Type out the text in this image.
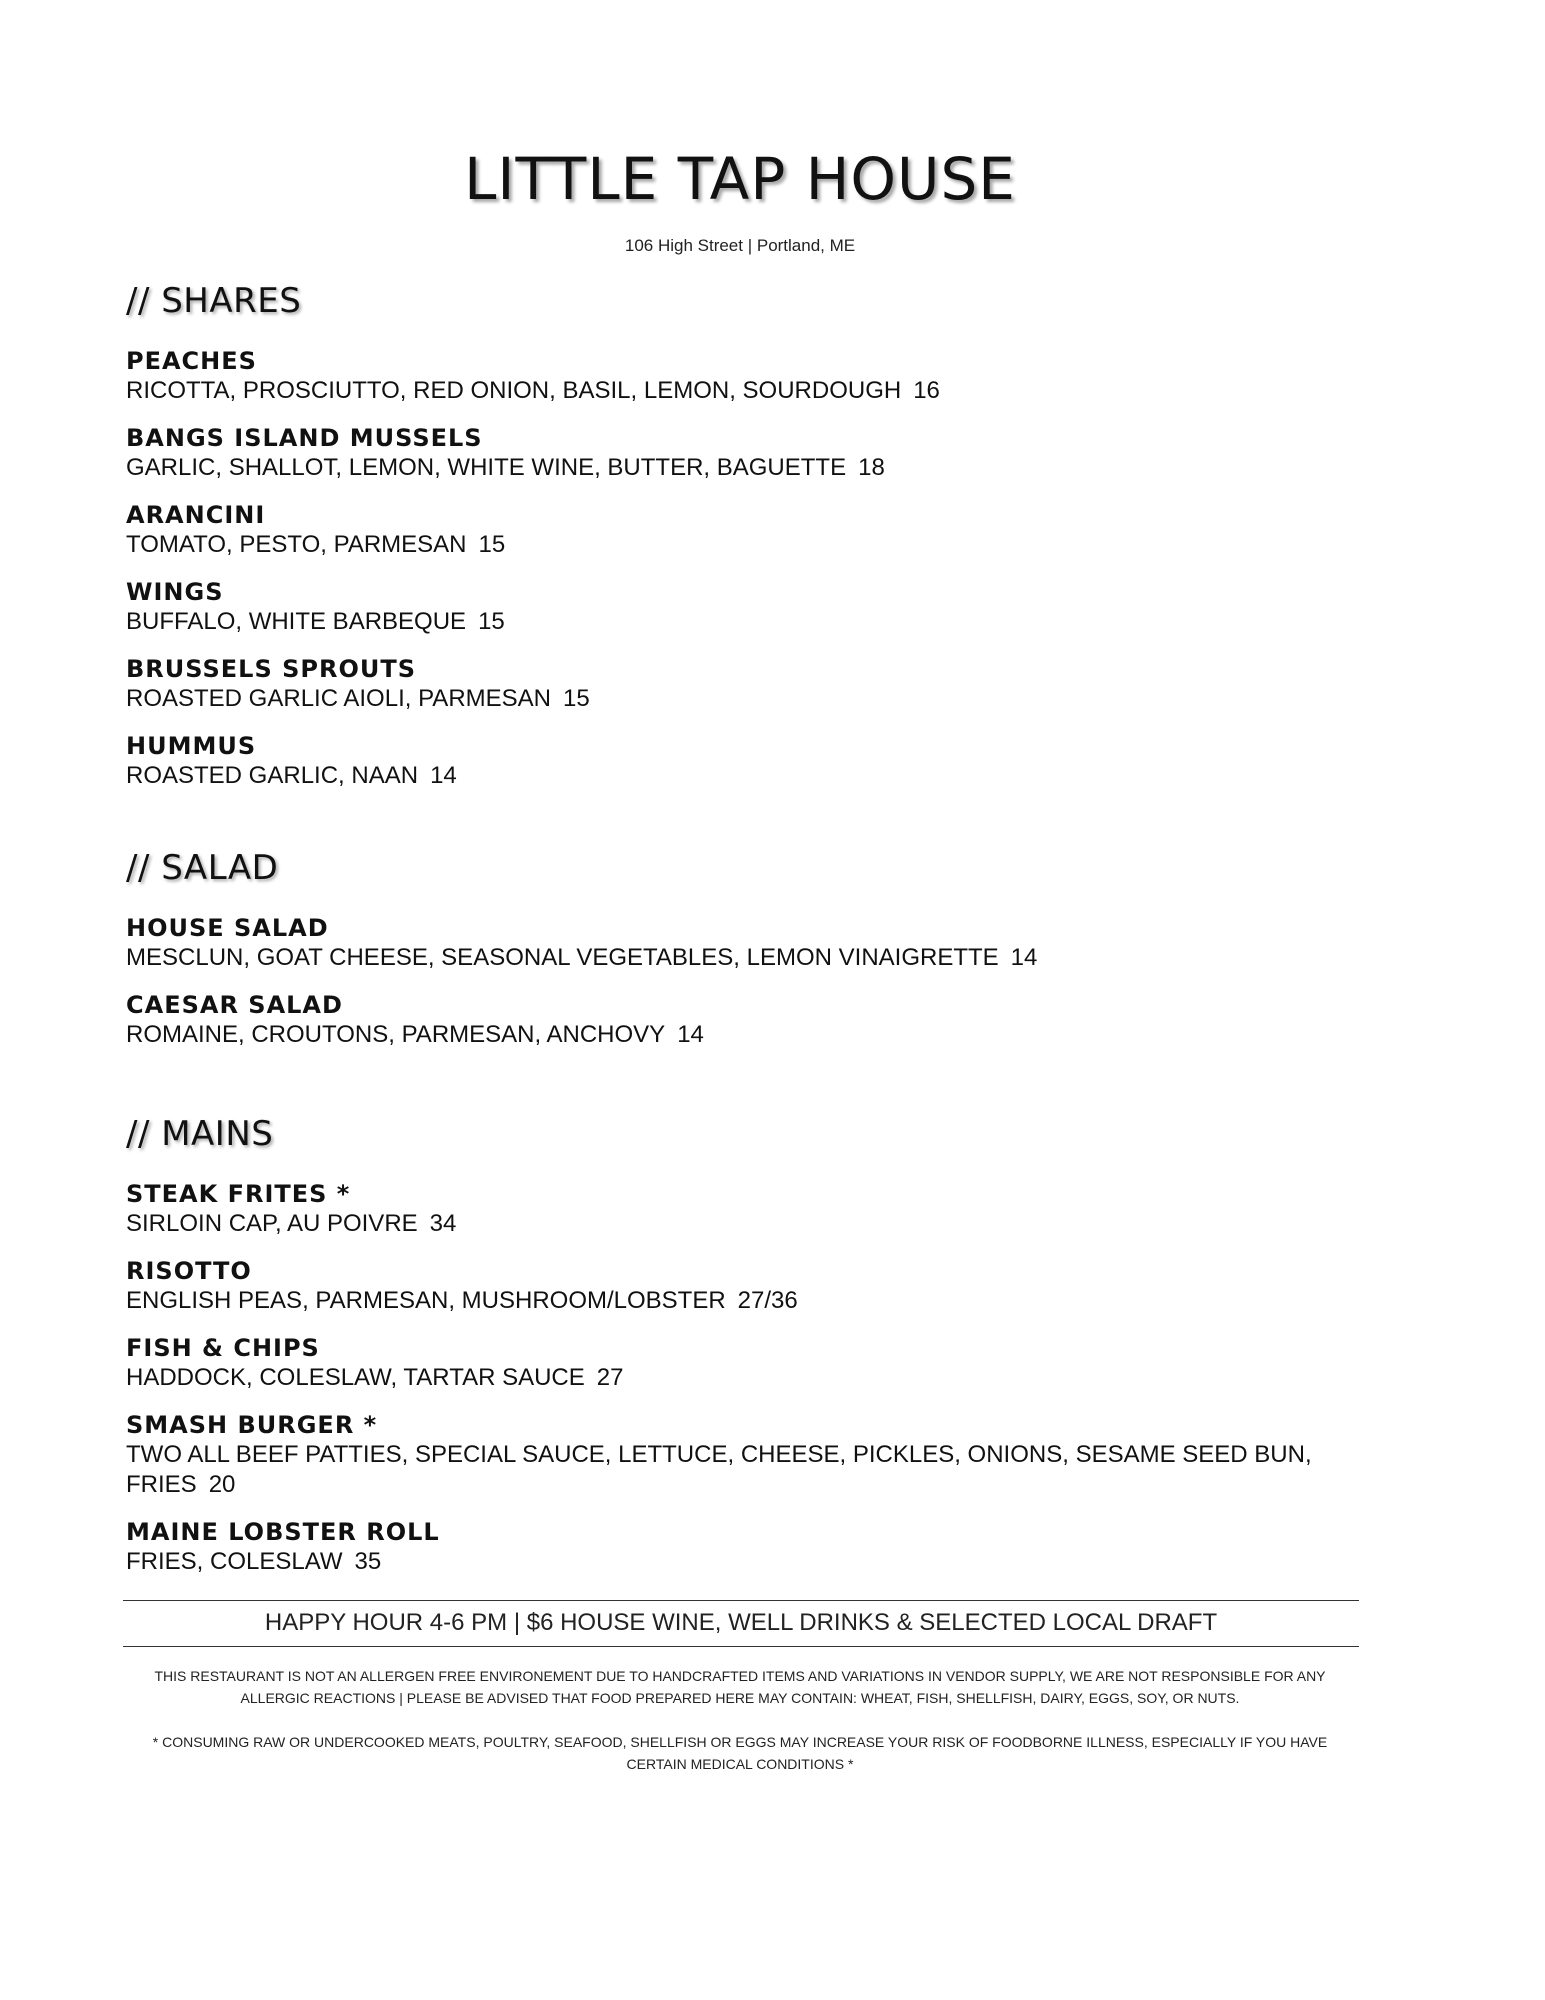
LITTLE TAP HOUSE
106 High Street | Portland, ME
// SHARES
PEACHES
RICOTTA, PROSCIUTTO, RED ONION, BASIL, LEMON, SOURDOUGH 16
BANGS ISLAND MUSSELS
GARLIC, SHALLOT, LEMON, WHITE WINE, BUTTER, BAGUETTE 18
ARANCINI
TOMATO, PESTO, PARMESAN 15
WINGS
BUFFALO, WHITE BARBEQUE 15
BRUSSELS SPROUTS
ROASTED GARLIC AIOLI, PARMESAN 15
HUMMUS
ROASTED GARLIC, NAAN 14
// SALAD
HOUSE SALAD
MESCLUN, GOAT CHEESE, SEASONAL VEGETABLES, LEMON VINAIGRETTE 14
CAESAR SALAD
ROMAINE, CROUTONS, PARMESAN, ANCHOVY 14
// MAINS
STEAK FRITES *
SIRLOIN CAP, AU POIVRE 34
RISOTTO
ENGLISH PEAS, PARMESAN, MUSHROOM/LOBSTER 27/36
FISH & CHIPS
HADDOCK, COLESLAW, TARTAR SAUCE 27
SMASH BURGER *
TWO ALL BEEF PATTIES, SPECIAL SAUCE, LETTUCE, CHEESE, PICKLES, ONIONS, SESAME SEED BUN, FRIES 20
MAINE LOBSTER ROLL
FRIES, COLESLAW 35
HAPPY HOUR 4-6 PM | $6 HOUSE WINE, WELL DRINKS & SELECTED LOCAL DRAFT
THIS RESTAURANT IS NOT AN ALLERGEN FREE ENVIRONEMENT DUE TO HANDCRAFTED ITEMS AND VARIATIONS IN VENDOR SUPPLY, WE ARE NOT RESPONSIBLE FOR ANY ALLERGIC REACTIONS | PLEASE BE ADVISED THAT FOOD PREPARED HERE MAY CONTAIN: WHEAT, FISH, SHELLFISH, DAIRY, EGGS, SOY, OR NUTS.
* CONSUMING RAW OR UNDERCOOKED MEATS, POULTRY, SEAFOOD, SHELLFISH OR EGGS MAY INCREASE YOUR RISK OF FOODBORNE ILLNESS, ESPECIALLY IF YOU HAVE CERTAIN MEDICAL CONDITIONS *
